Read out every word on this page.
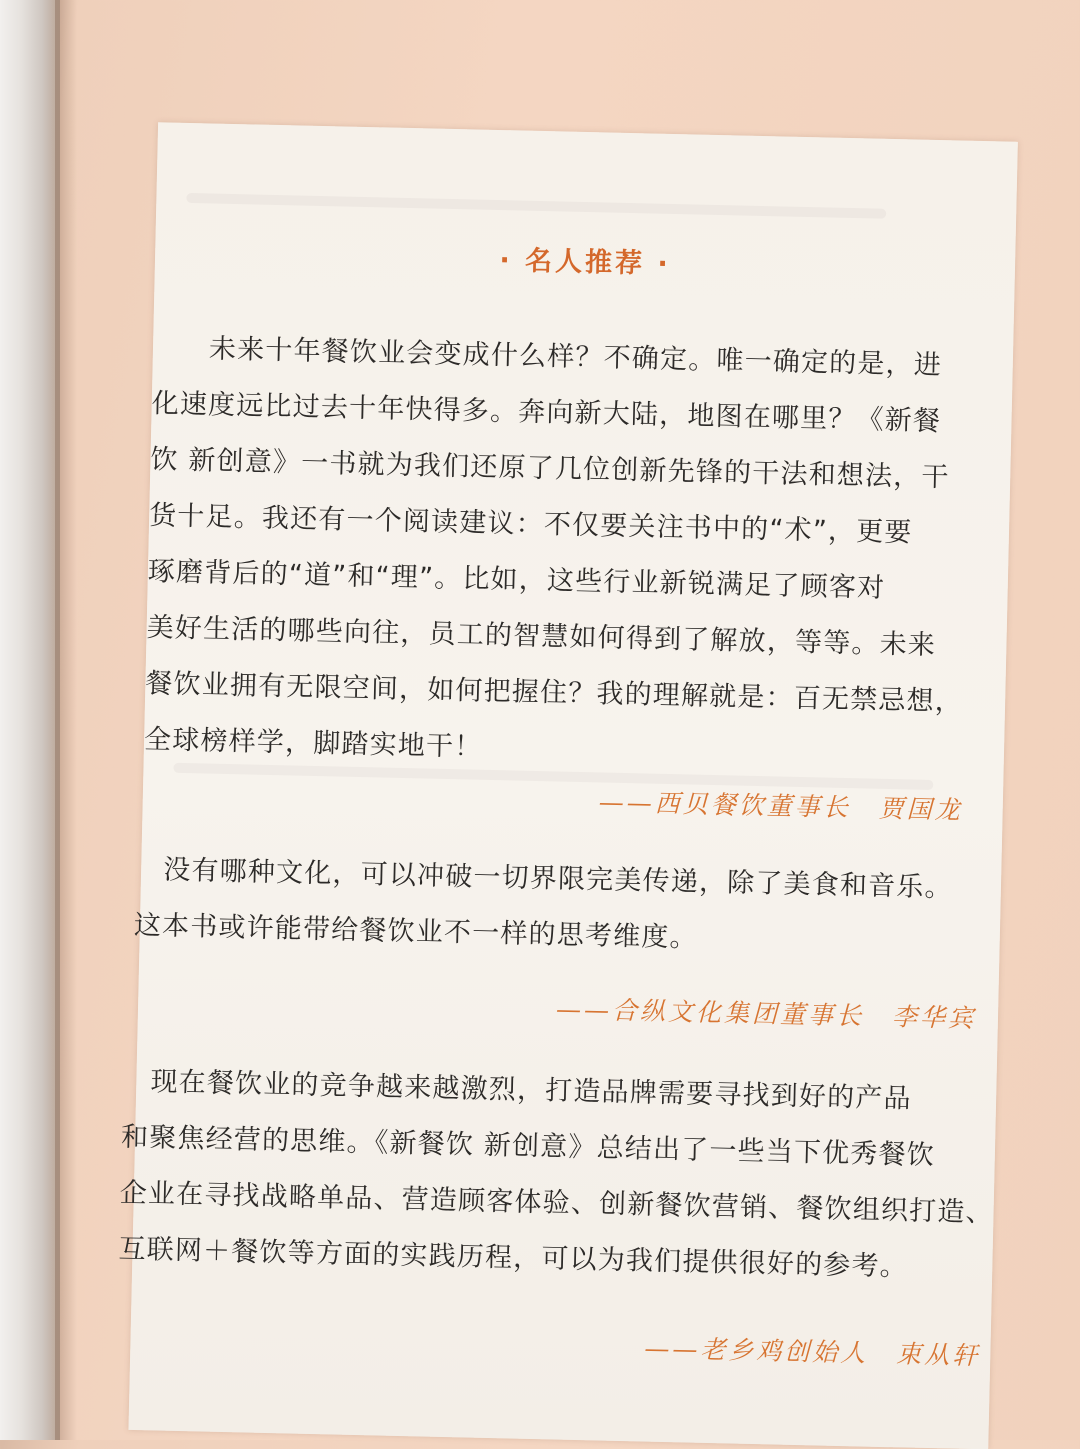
· 名人推荐 ·
未来十年餐饮业会变成什么样？不确定。唯一确定的是，进
化速度远比过去十年快得多。奔向新大陆，地图在哪里？《新餐
饮 新创意》一书就为我们还原了几位创新先锋的干法和想法，干
货十足。我还有一个阅读建议：不仅要关注书中的“术”，更要
琢磨背后的“道”和“理”。比如，这些行业新锐满足了顾客对
美好生活的哪些向往，员工的智慧如何得到了解放，等等。未来
餐饮业拥有无限空间，如何把握住？我的理解就是：百无禁忌想，
全球榜样学，脚踏实地干！
——西贝餐饮董事长　贾国龙
　没有哪种文化，可以冲破一切界限完美传递，除了美食和音乐。
这本书或许能带给餐饮业不一样的思考维度。
——合纵文化集团董事长　李华宾
　现在餐饮业的竞争越来越激烈，打造品牌需要寻找到好的产品
和聚焦经营的思维。《新餐饮 新创意》总结出了一些当下优秀餐饮
企业在寻找战略单品、营造顾客体验、创新餐饮营销、餐饮组织打造、
互联网＋餐饮等方面的实践历程，可以为我们提供很好的参考。
——老乡鸡创始人　束从轩
